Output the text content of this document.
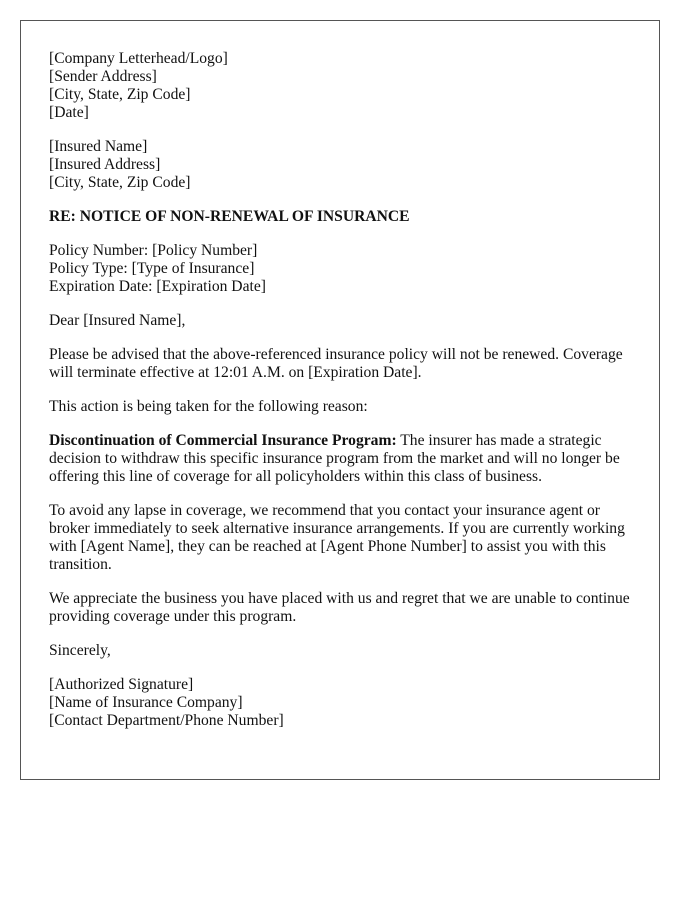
[Company Letterhead/Logo]
[Sender Address]
[City, State, Zip Code]
[Date]
[Insured Name]
[Insured Address]
[City, State, Zip Code]
RE: NOTICE OF NON-RENEWAL OF INSURANCE
Policy Number: [Policy Number]
Policy Type: [Type of Insurance]
Expiration Date: [Expiration Date]

Dear [Insured Name],

Please be advised that the above-referenced insurance policy will not be renewed. Coverage will terminate effective at 12:01 A.M. on [Expiration Date].

This action is being taken for the following reason:

Discontinuation of Commercial Insurance Program: The insurer has made a strategic decision to withdraw this specific insurance program from the market and will no longer be offering this line of coverage for all policyholders within this class of business.

To avoid any lapse in coverage, we recommend that you contact your insurance agent or broker immediately to seek alternative insurance arrangements. If you are currently working with [Agent Name], they can be reached at [Agent Phone Number] to assist you with this transition.

We appreciate the business you have placed with us and regret that we are unable to continue providing coverage under this program.

Sincerely,

[Authorized Signature]
[Name of Insurance Company]
[Contact Department/Phone Number]
